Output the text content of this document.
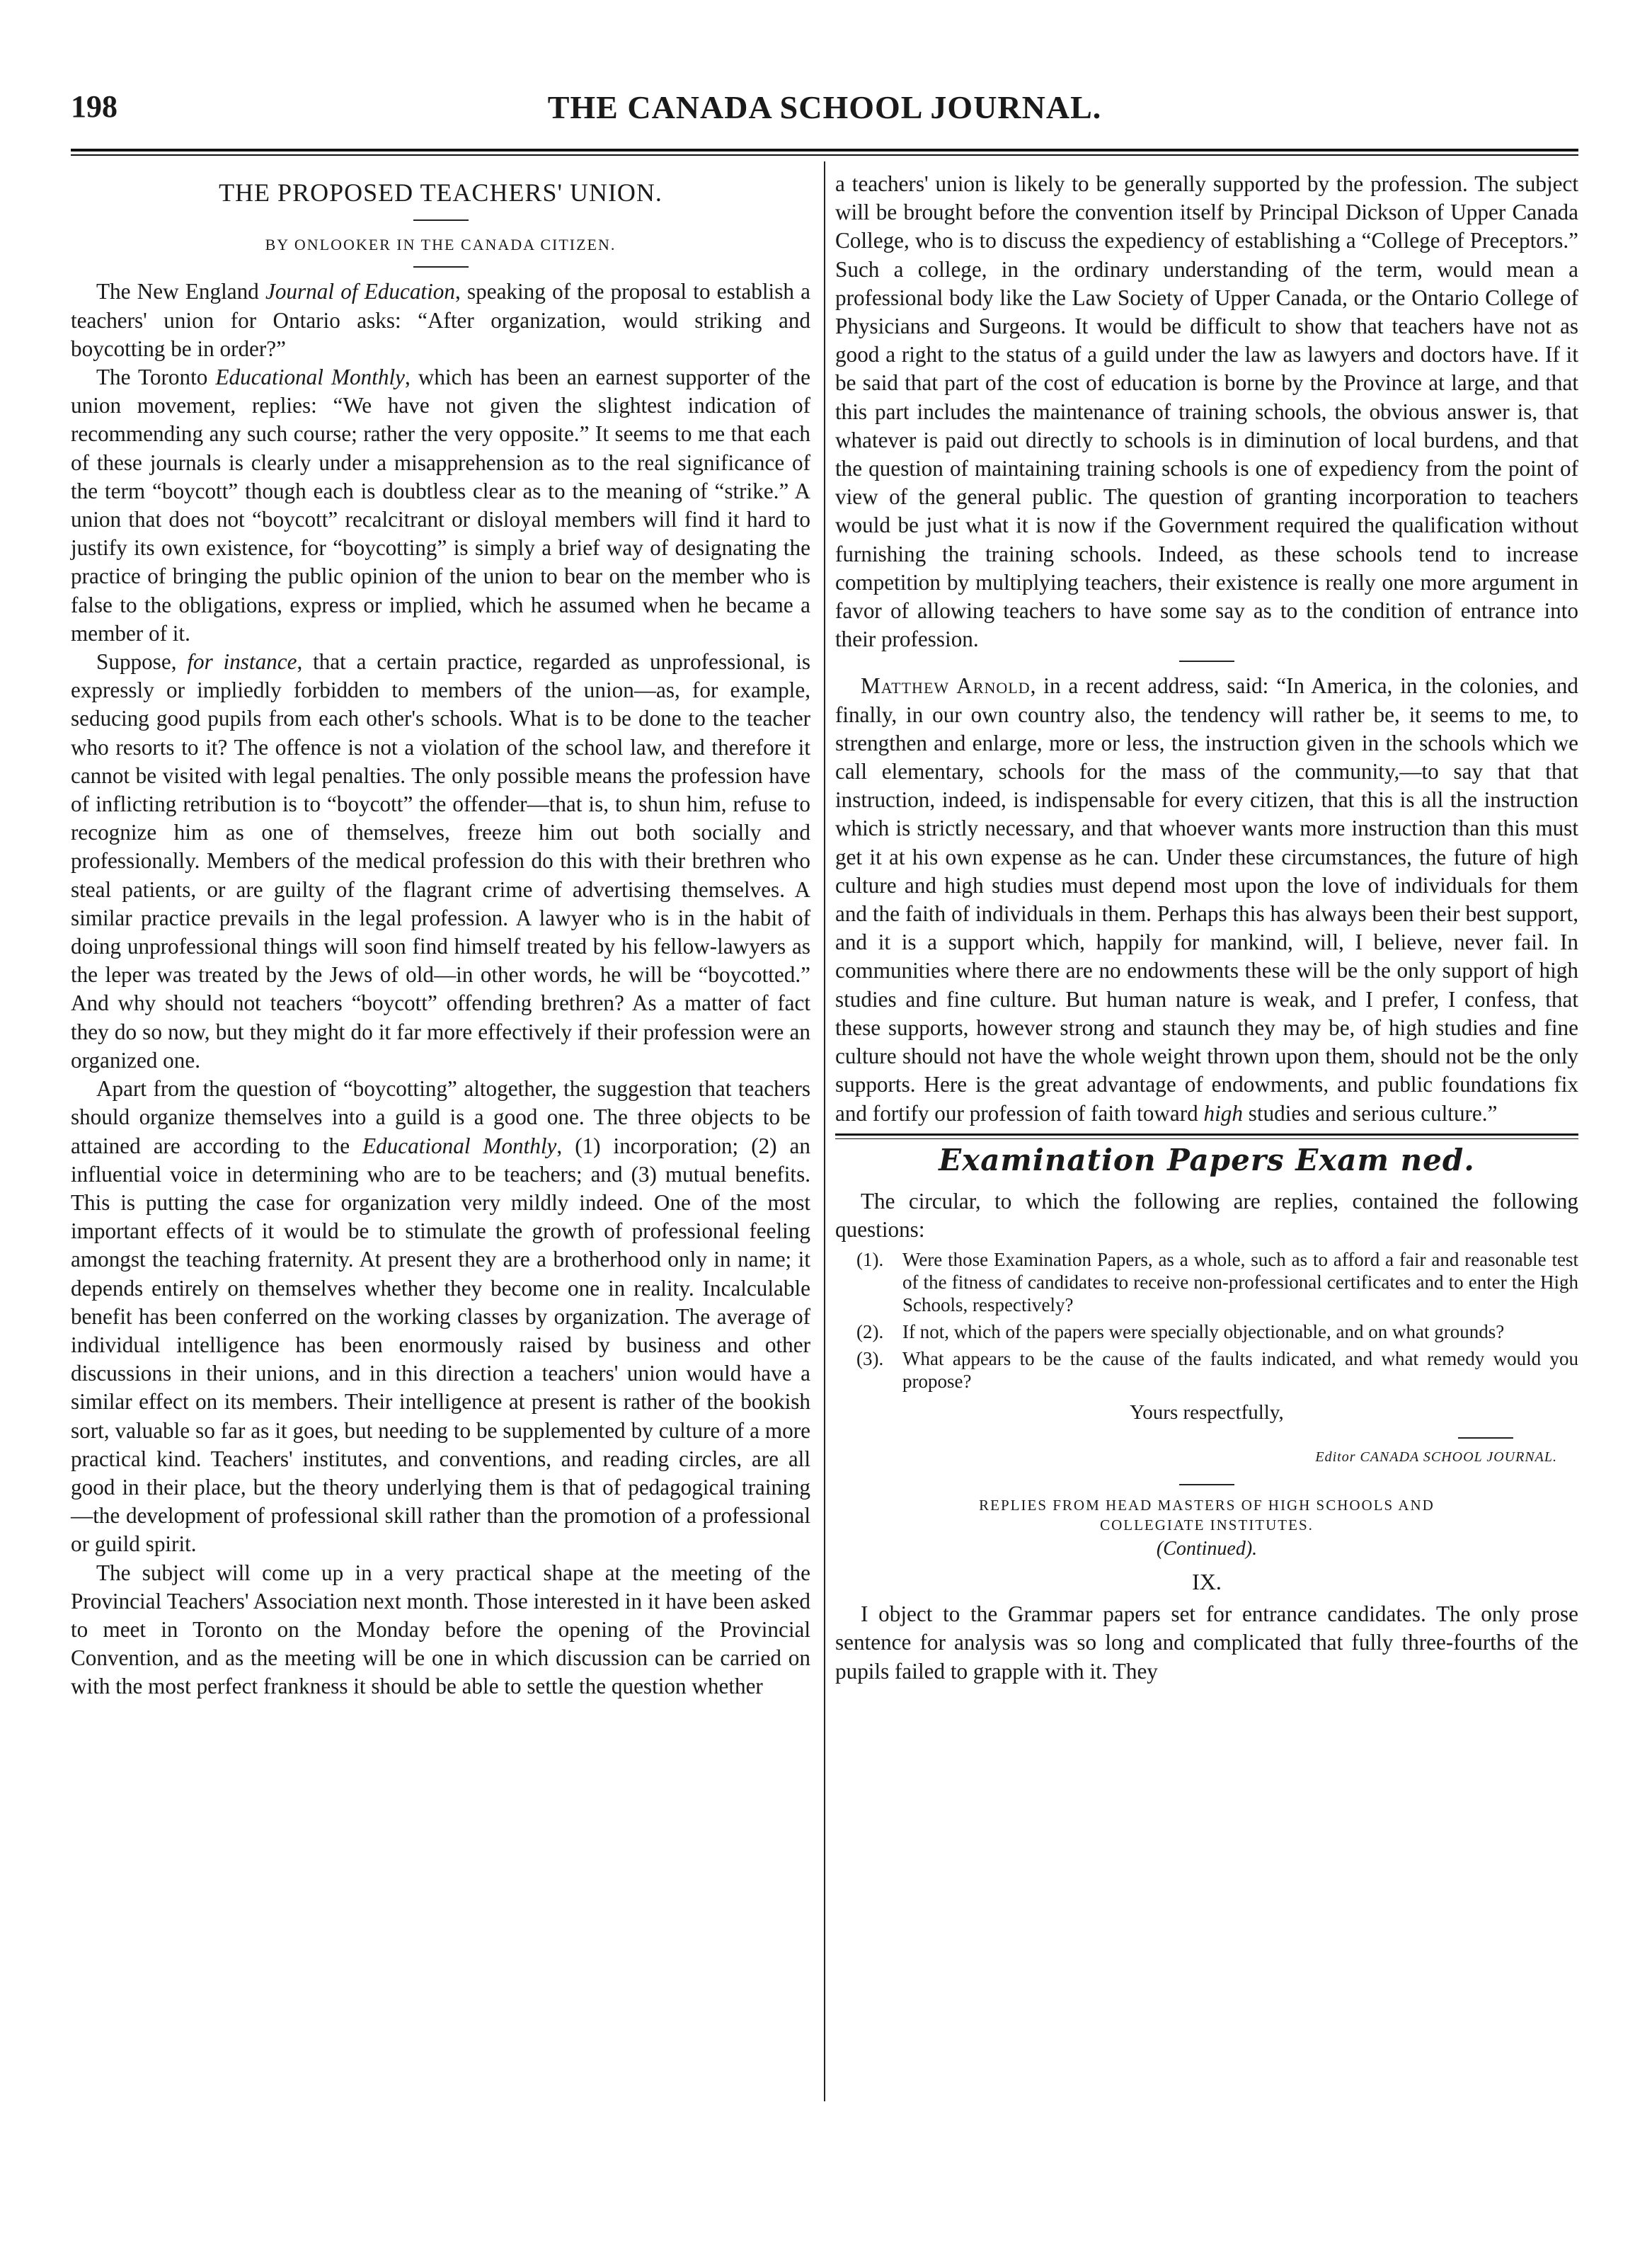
198	THE CANADA SCHOOL JOURNAL.
THE PROPOSED TEACHERS' UNION.
BY ONLOOKER IN THE CANADA CITIZEN.

The New England Journal of Education, speaking of the proposal to establish a teachers' union for Ontario asks: “After organization, would striking and boycotting be in order?”

The Toronto Educational Monthly, which has been an earnest supporter of the union movement, replies: “We have not given the slightest indication of recommending any such course; rather the very opposite.” It seems to me that each of these journals is clearly under a misapprehension as to the real significance of the term “boycott” though each is doubtless clear as to the meaning of “strike.” A union that does not “boycott” recalcitrant or disloyal members will find it hard to justify its own existence, for “boycotting” is simply a brief way of designating the practice of bringing the public opinion of the union to bear on the member who is false to the obligations, express or implied, which he assumed when he became a member of it.

Suppose, for instance, that a certain practice, regarded as unprofessional, is expressly or impliedly forbidden to members of the union—as, for example, seducing good pupils from each other's schools. What is to be done to the teacher who resorts to it? The offence is not a violation of the school law, and therefore it cannot be visited with legal penalties. The only possible means the profession have of inflicting retribution is to “boycott” the offender—that is, to shun him, refuse to recognize him as one of themselves, freeze him out both socially and professionally. Members of the medical profession do this with their brethren who steal patients, or are guilty of the flagrant crime of advertising themselves. A similar practice prevails in the legal profession. A lawyer who is in the habit of doing unprofessional things will soon find himself treated by his fellow-lawyers as the leper was treated by the Jews of old—in other words, he will be “boycotted.” And why should not teachers “boycott” offending brethren? As a matter of fact they do so now, but they might do it far more effectively if their profession were an organized one.

Apart from the question of “boycotting” altogether, the suggestion that teachers should organize themselves into a guild is a good one. The three objects to be attained are according to the Educational Monthly, (1) incorporation; (2) an influential voice in determining who are to be teachers; and (3) mutual benefits. This is putting the case for organization very mildly indeed. One of the most important effects of it would be to stimulate the growth of professional feeling amongst the teaching fraternity. At present they are a brotherhood only in name; it depends entirely on themselves whether they become one in reality. Incalculable benefit has been conferred on the working classes by organization. The average of individual intelligence has been enormously raised by business and other discussions in their unions, and in this direction a teachers' union would have a similar effect on its members. Their intelligence at present is rather of the bookish sort, valuable so far as it goes, but needing to be supplemented by culture of a more practical kind. Teachers' institutes, and conventions, and reading circles, are all good in their place, but the theory underlying them is that of pedagogical training—the development of professional skill rather than the promotion of a professional or guild spirit.

The subject will come up in a very practical shape at the meeting of the Provincial Teachers' Association next month. Those interested in it have been asked to meet in Toronto on the Monday before the opening of the Provincial Convention, and as the meeting will be one in which discussion can be carried on with the most perfect frankness it should be able to settle the question whether

a teachers' union is likely to be generally supported by the profession. The subject will be brought before the convention itself by Principal Dickson of Upper Canada College, who is to discuss the expediency of establishing a “College of Preceptors.” Such a college, in the ordinary understanding of the term, would mean a professional body like the Law Society of Upper Canada, or the Ontario College of Physicians and Surgeons. It would be difficult to show that teachers have not as good a right to the status of a guild under the law as lawyers and doctors have. If it be said that part of the cost of education is borne by the Province at large, and that this part includes the maintenance of training schools, the obvious answer is, that whatever is paid out directly to schools is in diminution of local burdens, and that the question of maintaining training schools is one of expediency from the point of view of the general public. The question of granting incorporation to teachers would be just what it is now if the Government required the qualification without furnishing the training schools. Indeed, as these schools tend to increase competition by multiplying teachers, their existence is really one more argument in favor of allowing teachers to have some say as to the condition of entrance into their profession.

Matthew Arnold, in a recent address, said: “In America, in the colonies, and finally, in our own country also, the tendency will rather be, it seems to me, to strengthen and enlarge, more or less, the instruction given in the schools which we call elementary, schools for the mass of the community,—to say that that instruction, indeed, is indispensable for every citizen, that this is all the instruction which is strictly necessary, and that whoever wants more instruction than this must get it at his own expense as he can. Under these circumstances, the future of high culture and high studies must depend most upon the love of individuals for them and the faith of individuals in them. Perhaps this has always been their best support, and it is a support which, happily for mankind, will, I believe, never fail. In communities where there are no endowments these will be the only support of high studies and fine culture. But human nature is weak, and I prefer, I confess, that these supports, however strong and staunch they may be, of high studies and fine culture should not have the whole weight thrown upon them, should not be the only supports. Here is the great advantage of endowments, and public foundations fix and fortify our profession of faith toward high studies and serious culture.”

Examination Papers Exam ned.

The circular, to which the following are replies, contained the following questions:

(1). Were those Examination Papers, as a whole, such as to afford a fair and reasonable test of the fitness of candidates to receive non-professional certificates and to enter the High Schools, respectively?
(2). If not, which of the papers were specially objectionable, and on what grounds?
(3). What appears to be the cause of the faults indicated, and what remedy would you propose?
Yours respectfully,
Editor CANADA SCHOOL JOURNAL.
REPLIES FROM HEAD MASTERS OF HIGH SCHOOLS AND
COLLEGIATE INSTITUTES.
(Continued).
IX.

I object to the Grammar papers set for entrance candidates. The only prose sentence for analysis was so long and complicated that fully three-fourths of the pupils failed to grapple with it. They
